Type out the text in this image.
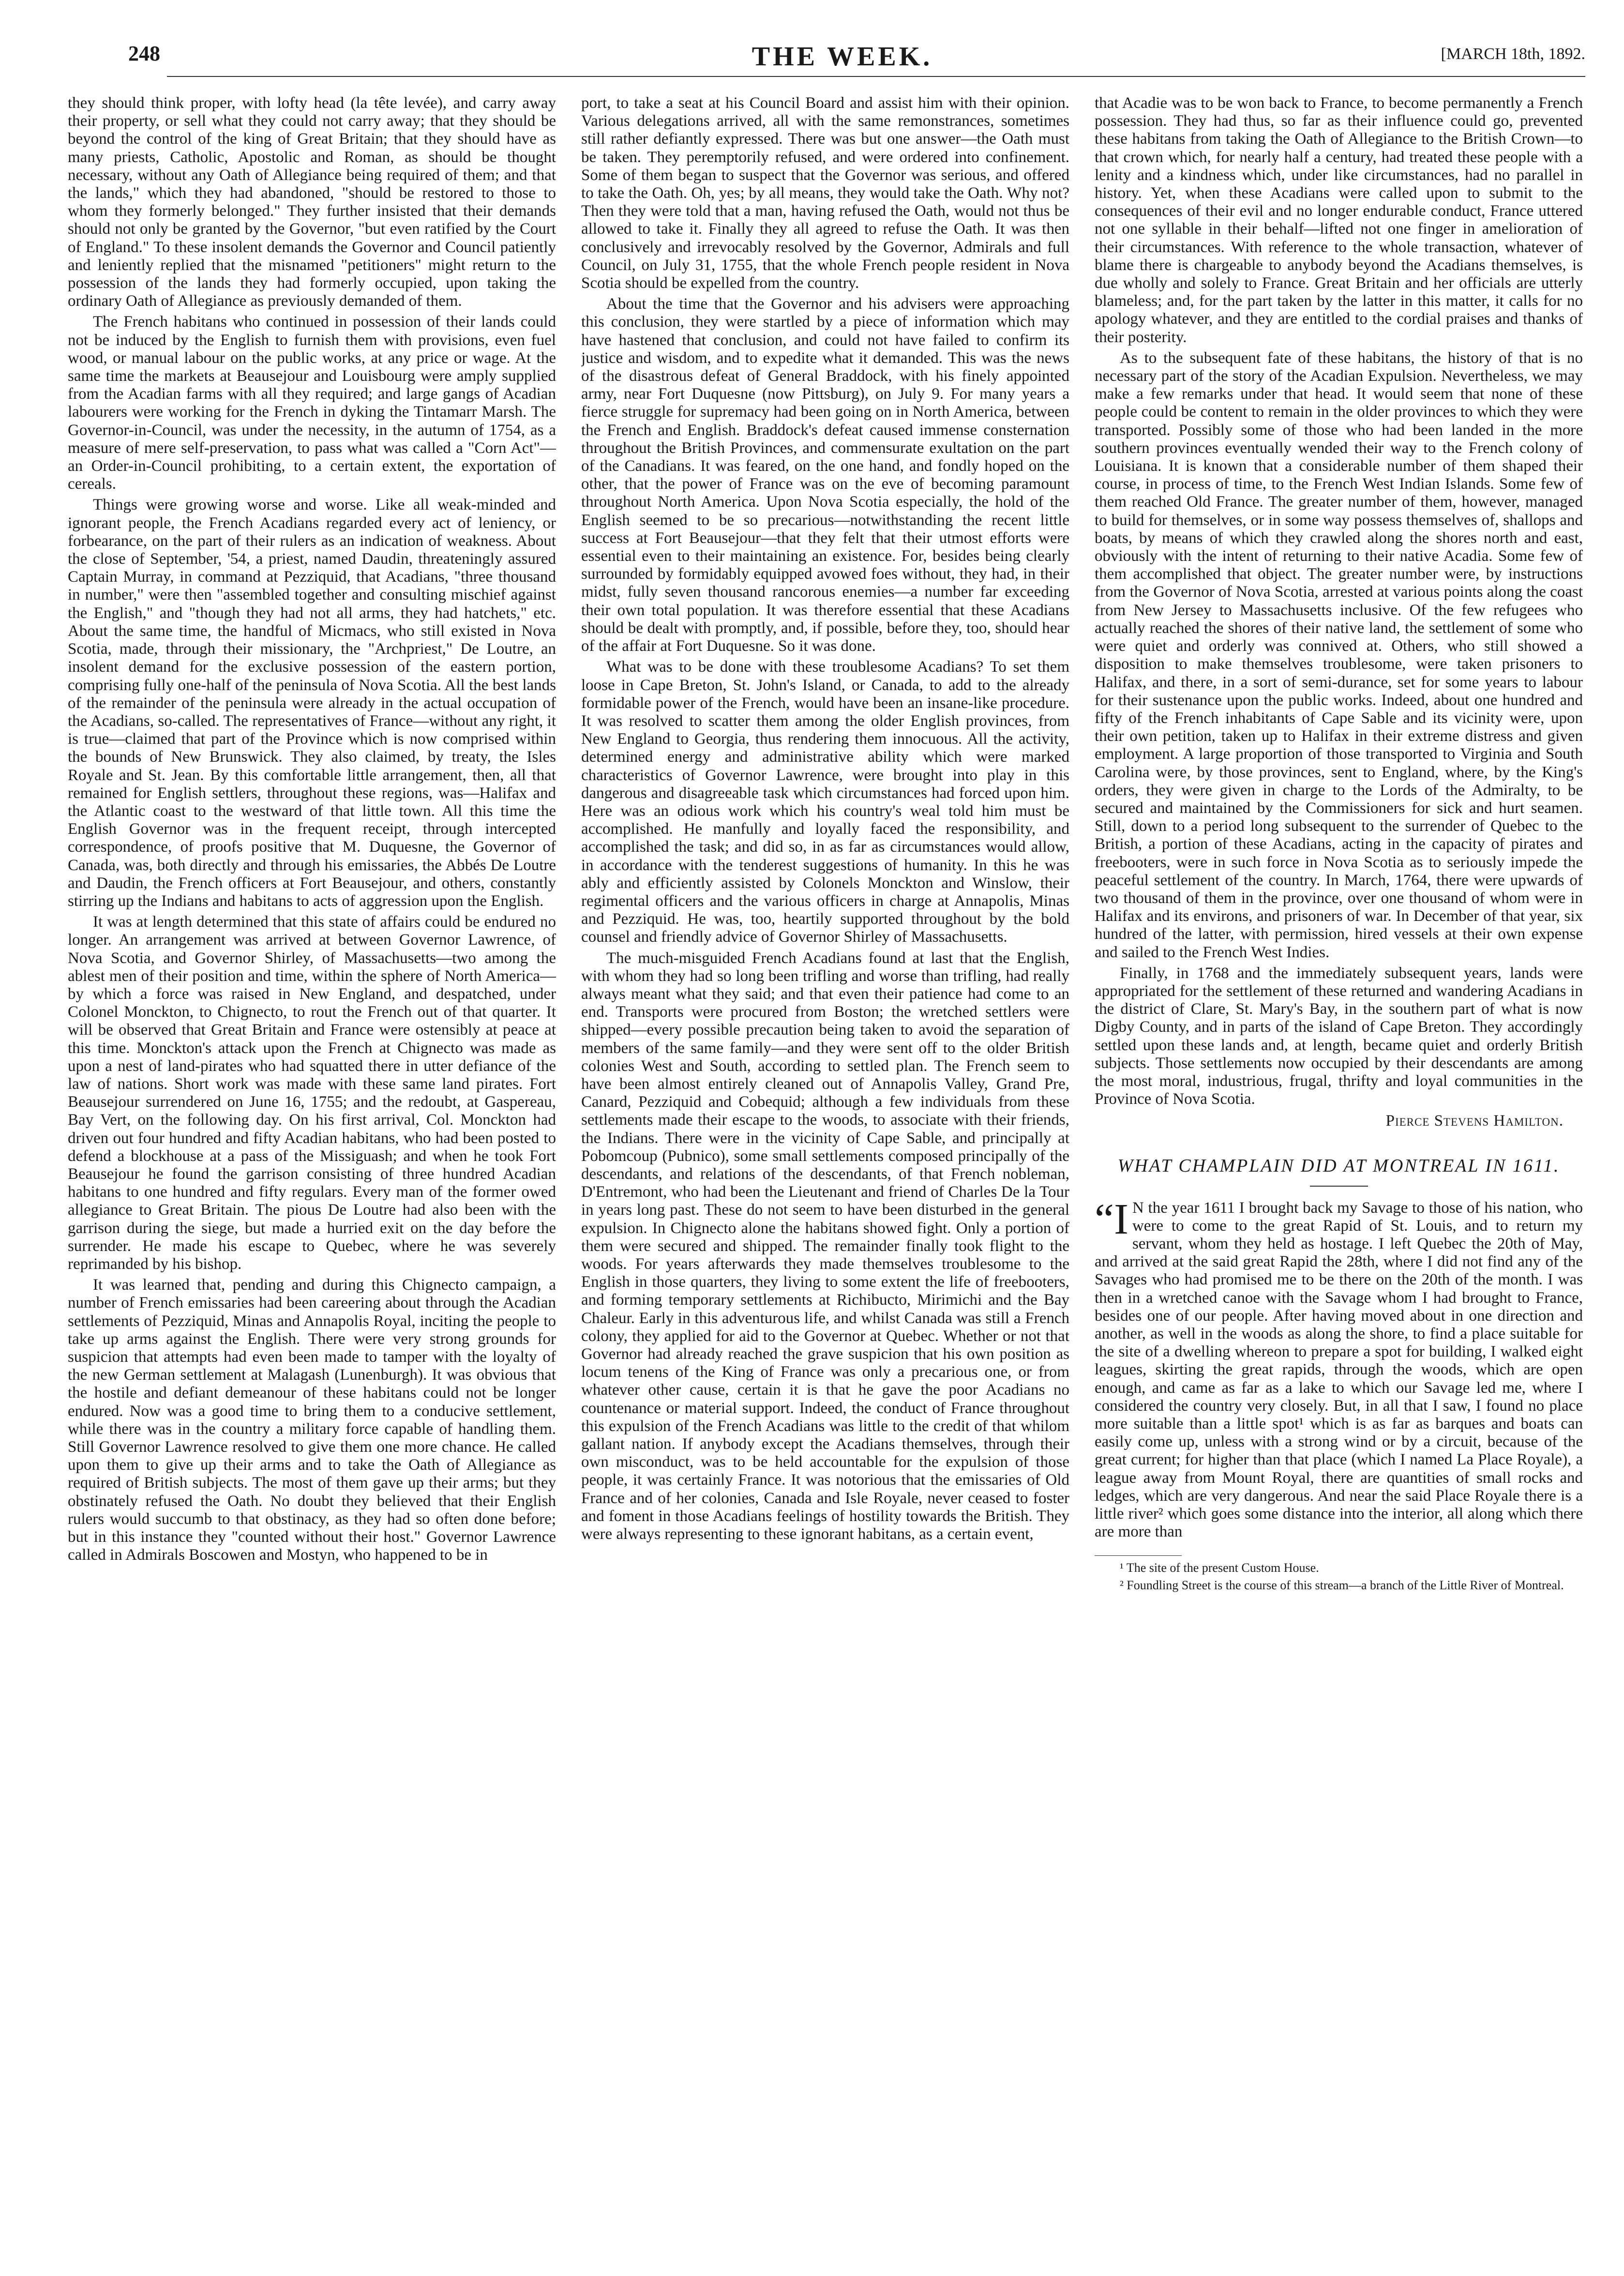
248	THE WEEK.	[MARCH 18th, 1892.

they should think proper, with lofty head (la tête levée), and carry away their property, or sell what they could not carry away; that they should be beyond the control of the king of Great Britain; that they should have as many priests, Catholic, Apostolic and Roman, as should be thought necessary, without any Oath of Allegiance being required of them; and that the lands," which they had abandoned, "should be restored to those to whom they formerly belonged." They further insisted that their demands should not only be granted by the Governor, "but even ratified by the Court of England." To these insolent demands the Governor and Council patiently and leniently replied that the misnamed "petitioners" might return to the possession of the lands they had formerly occupied, upon taking the ordinary Oath of Allegiance as previously demanded of them.

The French habitans who continued in possession of their lands could not be induced by the English to furnish them with provisions, even fuel wood, or manual labour on the public works, at any price or wage. At the same time the markets at Beausejour and Louisbourg were amply supplied from the Acadian farms with all they required; and large gangs of Acadian labourers were working for the French in dyking the Tintamarr Marsh. The Governor-in-Council, was under the necessity, in the autumn of 1754, as a measure of mere self-preservation, to pass what was called a "Corn Act"—an Order-in-Council prohibiting, to a certain extent, the exportation of cereals.

Things were growing worse and worse. Like all weak-minded and ignorant people, the French Acadians regarded every act of leniency, or forbearance, on the part of their rulers as an indication of weakness. About the close of September, '54, a priest, named Daudin, threateningly assured Captain Murray, in command at Pezziquid, that Acadians, "three thousand in number," were then "assembled together and consulting mischief against the English," and "though they had not all arms, they had hatchets," etc. About the same time, the handful of Micmacs, who still existed in Nova Scotia, made, through their missionary, the "Archpriest," De Loutre, an insolent demand for the exclusive possession of the eastern portion, comprising fully one-half of the peninsula of Nova Scotia. All the best lands of the remainder of the peninsula were already in the actual occupation of the Acadians, so-called. The representatives of France—without any right, it is true—claimed that part of the Province which is now comprised within the bounds of New Brunswick. They also claimed, by treaty, the Isles Royale and St. Jean. By this comfortable little arrangement, then, all that remained for English settlers, throughout these regions, was—Halifax and the Atlantic coast to the westward of that little town. All this time the English Governor was in the frequent receipt, through intercepted correspondence, of proofs positive that M. Duquesne, the Governor of Canada, was, both directly and through his emissaries, the Abbés De Loutre and Daudin, the French officers at Fort Beausejour, and others, constantly stirring up the Indians and habitans to acts of aggression upon the English.

It was at length determined that this state of affairs could be endured no longer. An arrangement was arrived at between Governor Lawrence, of Nova Scotia, and Governor Shirley, of Massachusetts—two among the ablest men of their position and time, within the sphere of North America—by which a force was raised in New England, and despatched, under Colonel Monckton, to Chignecto, to rout the French out of that quarter. It will be observed that Great Britain and France were ostensibly at peace at this time. Monckton's attack upon the French at Chignecto was made as upon a nest of land-pirates who had squatted there in utter defiance of the law of nations. Short work was made with these same land pirates. Fort Beausejour surrendered on June 16, 1755; and the redoubt, at Gaspereau, Bay Vert, on the following day. On his first arrival, Col. Monckton had driven out four hundred and fifty Acadian habitans, who had been posted to defend a blockhouse at a pass of the Missiguash; and when he took Fort Beausejour he found the garrison consisting of three hundred Acadian habitans to one hundred and fifty regulars. Every man of the former owed allegiance to Great Britain. The pious De Loutre had also been with the garrison during the siege, but made a hurried exit on the day before the surrender. He made his escape to Quebec, where he was severely reprimanded by his bishop.

It was learned that, pending and during this Chignecto campaign, a number of French emissaries had been careering about through the Acadian settlements of Pezziquid, Minas and Annapolis Royal, inciting the people to take up arms against the English. There were very strong grounds for suspicion that attempts had even been made to tamper with the loyalty of the new German settlement at Malagash (Lunenburgh). It was obvious that the hostile and defiant demeanour of these habitans could not be longer endured. Now was a good time to bring them to a conducive settlement, while there was in the country a military force capable of handling them. Still Governor Lawrence resolved to give them one more chance. He called upon them to give up their arms and to take the Oath of Allegiance as required of British subjects. The most of them gave up their arms; but they obstinately refused the Oath. No doubt they believed that their English rulers would succumb to that obstinacy, as they had so often done before; but in this instance they "counted without their host." Governor Lawrence called in Admirals Boscowen and Mostyn, who happened to be in

port, to take a seat at his Council Board and assist him with their opinion. Various delegations arrived, all with the same remonstrances, sometimes still rather defiantly expressed. There was but one answer—the Oath must be taken. They peremptorily refused, and were ordered into confinement. Some of them began to suspect that the Governor was serious, and offered to take the Oath. Oh, yes; by all means, they would take the Oath. Why not? Then they were told that a man, having refused the Oath, would not thus be allowed to take it. Finally they all agreed to refuse the Oath. It was then conclusively and irrevocably resolved by the Governor, Admirals and full Council, on July 31, 1755, that the whole French people resident in Nova Scotia should be expelled from the country.

About the time that the Governor and his advisers were approaching this conclusion, they were startled by a piece of information which may have hastened that conclusion, and could not have failed to confirm its justice and wisdom, and to expedite what it demanded. This was the news of the disastrous defeat of General Braddock, with his finely appointed army, near Fort Duquesne (now Pittsburg), on July 9. For many years a fierce struggle for supremacy had been going on in North America, between the French and English. Braddock's defeat caused immense consternation throughout the British Provinces, and commensurate exultation on the part of the Canadians. It was feared, on the one hand, and fondly hoped on the other, that the power of France was on the eve of becoming paramount throughout North America. Upon Nova Scotia especially, the hold of the English seemed to be so precarious—notwithstanding the recent little success at Fort Beausejour—that they felt that their utmost efforts were essential even to their maintaining an existence. For, besides being clearly surrounded by formidably equipped avowed foes without, they had, in their midst, fully seven thousand rancorous enemies—a number far exceeding their own total population. It was therefore essential that these Acadians should be dealt with promptly, and, if possible, before they, too, should hear of the affair at Fort Duquesne. So it was done.

What was to be done with these troublesome Acadians? To set them loose in Cape Breton, St. John's Island, or Canada, to add to the already formidable power of the French, would have been an insane-like procedure. It was resolved to scatter them among the older English provinces, from New England to Georgia, thus rendering them innocuous. All the activity, determined energy and administrative ability which were marked characteristics of Governor Lawrence, were brought into play in this dangerous and disagreeable task which circumstances had forced upon him. Here was an odious work which his country's weal told him must be accomplished. He manfully and loyally faced the responsibility, and accomplished the task; and did so, in as far as circumstances would allow, in accordance with the tenderest suggestions of humanity. In this he was ably and efficiently assisted by Colonels Monckton and Winslow, their regimental officers and the various officers in charge at Annapolis, Minas and Pezziquid. He was, too, heartily supported throughout by the bold counsel and friendly advice of Governor Shirley of Massachusetts.

The much-misguided French Acadians found at last that the English, with whom they had so long been trifling and worse than trifling, had really always meant what they said; and that even their patience had come to an end. Transports were procured from Boston; the wretched settlers were shipped—every possible precaution being taken to avoid the separation of members of the same family—and they were sent off to the older British colonies West and South, according to settled plan. The French seem to have been almost entirely cleaned out of Annapolis Valley, Grand Pre, Canard, Pezziquid and Cobequid; although a few individuals from these settlements made their escape to the woods, to associate with their friends, the Indians. There were in the vicinity of Cape Sable, and principally at Pobomcoup (Pubnico), some small settlements composed principally of the descendants, and relations of the descendants, of that French nobleman, D'Entremont, who had been the Lieutenant and friend of Charles De la Tour in years long past. These do not seem to have been disturbed in the general expulsion. In Chignecto alone the habitans showed fight. Only a portion of them were secured and shipped. The remainder finally took flight to the woods. For years afterwards they made themselves troublesome to the English in those quarters, they living to some extent the life of freebooters, and forming temporary settlements at Richibucto, Mirimichi and the Bay Chaleur. Early in this adventurous life, and whilst Canada was still a French colony, they applied for aid to the Governor at Quebec. Whether or not that Governor had already reached the grave suspicion that his own position as locum tenens of the King of France was only a precarious one, or from whatever other cause, certain it is that he gave the poor Acadians no countenance or material support. Indeed, the conduct of France throughout this expulsion of the French Acadians was little to the credit of that whilom gallant nation. If anybody except the Acadians themselves, through their own misconduct, was to be held accountable for the expulsion of those people, it was certainly France. It was notorious that the emissaries of Old France and of her colonies, Canada and Isle Royale, never ceased to foster and foment in those Acadians feelings of hostility towards the British. They were always representing to these ignorant habitans, as a certain event,

that Acadie was to be won back to France, to become permanently a French possession. They had thus, so far as their influence could go, prevented these habitans from taking the Oath of Allegiance to the British Crown—to that crown which, for nearly half a century, had treated these people with a lenity and a kindness which, under like circumstances, had no parallel in history. Yet, when these Acadians were called upon to submit to the consequences of their evil and no longer endurable conduct, France uttered not one syllable in their behalf—lifted not one finger in amelioration of their circumstances. With reference to the whole transaction, whatever of blame there is chargeable to anybody beyond the Acadians themselves, is due wholly and solely to France. Great Britain and her officials are utterly blameless; and, for the part taken by the latter in this matter, it calls for no apology whatever, and they are entitled to the cordial praises and thanks of their posterity.

As to the subsequent fate of these habitans, the history of that is no necessary part of the story of the Acadian Expulsion. Nevertheless, we may make a few remarks under that head. It would seem that none of these people could be content to remain in the older provinces to which they were transported. Possibly some of those who had been landed in the more southern provinces eventually wended their way to the French colony of Louisiana. It is known that a considerable number of them shaped their course, in process of time, to the French West Indian Islands. Some few of them reached Old France. The greater number of them, however, managed to build for themselves, or in some way possess themselves of, shallops and boats, by means of which they crawled along the shores north and east, obviously with the intent of returning to their native Acadia. Some few of them accomplished that object. The greater number were, by instructions from the Governor of Nova Scotia, arrested at various points along the coast from New Jersey to Massachusetts inclusive. Of the few refugees who actually reached the shores of their native land, the settlement of some who were quiet and orderly was connived at. Others, who still showed a disposition to make themselves troublesome, were taken prisoners to Halifax, and there, in a sort of semi-durance, set for some years to labour for their sustenance upon the public works. Indeed, about one hundred and fifty of the French inhabitants of Cape Sable and its vicinity were, upon their own petition, taken up to Halifax in their extreme distress and given employment. A large proportion of those transported to Virginia and South Carolina were, by those provinces, sent to England, where, by the King's orders, they were given in charge to the Lords of the Admiralty, to be secured and maintained by the Commissioners for sick and hurt seamen. Still, down to a period long subsequent to the surrender of Quebec to the British, a portion of these Acadians, acting in the capacity of pirates and freebooters, were in such force in Nova Scotia as to seriously impede the peaceful settlement of the country. In March, 1764, there were upwards of two thousand of them in the province, over one thousand of whom were in Halifax and its environs, and prisoners of war. In December of that year, six hundred of the latter, with permission, hired vessels at their own expense and sailed to the French West Indies.

Finally, in 1768 and the immediately subsequent years, lands were appropriated for the settlement of these returned and wandering Acadians in the district of Clare, St. Mary's Bay, in the southern part of what is now Digby County, and in parts of the island of Cape Breton. They accordingly settled upon these lands and, at length, became quiet and orderly British subjects. Those settlements now occupied by their descendants are among the most moral, industrious, frugal, thrifty and loyal communities in the Province of Nova Scotia.

Pierce Stevens Hamilton.
WHAT CHAMPLAIN DID AT MONTREAL IN 1611.

“I N the year 1611 I brought back my Savage to those of his nation, who were to come to the great Rapid of St. Louis, and to return my servant, whom they held as hostage. I left Quebec the 20th of May, and arrived at the said great Rapid the 28th, where I did not find any of the Savages who had promised me to be there on the 20th of the month. I was then in a wretched canoe with the Savage whom I had brought to France, besides one of our people. After having moved about in one direction and another, as well in the woods as along the shore, to find a place suitable for the site of a dwelling whereon to prepare a spot for building, I walked eight leagues, skirting the great rapids, through the woods, which are open enough, and came as far as a lake to which our Savage led me, where I considered the country very closely. But, in all that I saw, I found no place more suitable than a little spot¹ which is as far as barques and boats can easily come up, unless with a strong wind or by a circuit, because of the great current; for higher than that place (which I named La Place Royale), a league away from Mount Royal, there are quantities of small rocks and ledges, which are very dangerous. And near the said Place Royale there is a little river² which goes some distance into the interior, all along which there are more than

¹ The site of the present Custom House.

² Foundling Street is the course of this stream—a branch of the Little River of Montreal.
